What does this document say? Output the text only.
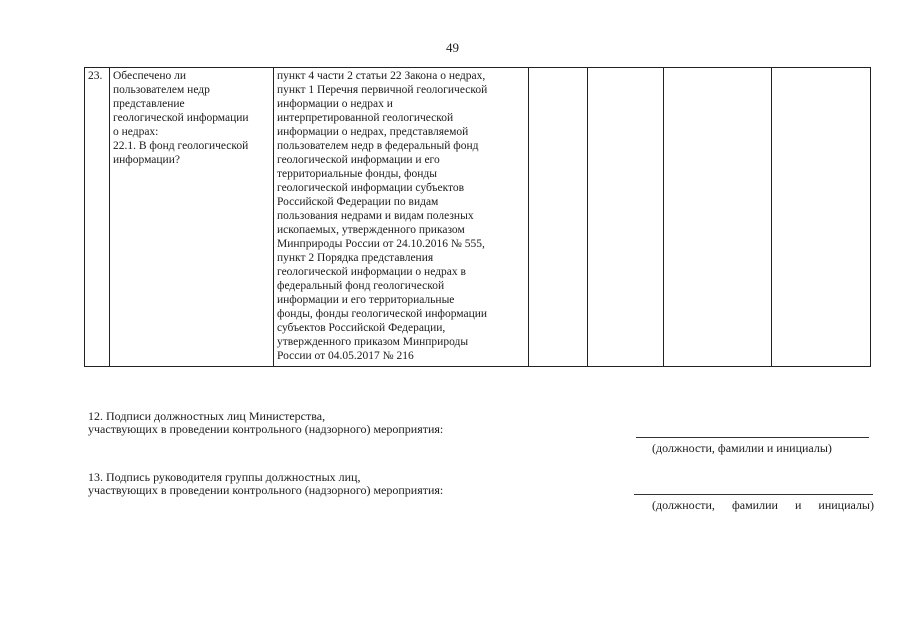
49
23.	Обеспечено ли
пользователем недр
представление
геологической информации
о недрах:
22.1. В фонд геологической
информации?

пункт 4 части 2 статьи 22 Закона о недрах,
пункт 1 Перечня первичной геологической
информации о недрах и
интерпретированной геологической
информации о недрах, представляемой
пользователем недр в федеральный фонд
геологической информации и его
территориальные фонды, фонды
геологической информации субъектов
Российской Федерации по видам
пользования недрами и видам полезных
ископаемых, утвержденного приказом
Минприроды России от 24.10.2016 № 555,
пункт 2 Порядка представления
геологической информации о недрах в
федеральный фонд геологической
информации и его территориальные
фонды, фонды геологической информации
субъектов Российской Федерации,
утвержденного приказом Минприроды
России от 04.05.2017 № 216

12. Подписи должностных лиц Министерства,
участвующих в проведении контрольного (надзорного) мероприятия:
(должности, фамилии и инициалы)
13. Подпись руководителя группы должностных лиц,
участвующих в проведении контрольного (надзорного) мероприятия:
(должности, фамилии и инициалы)
